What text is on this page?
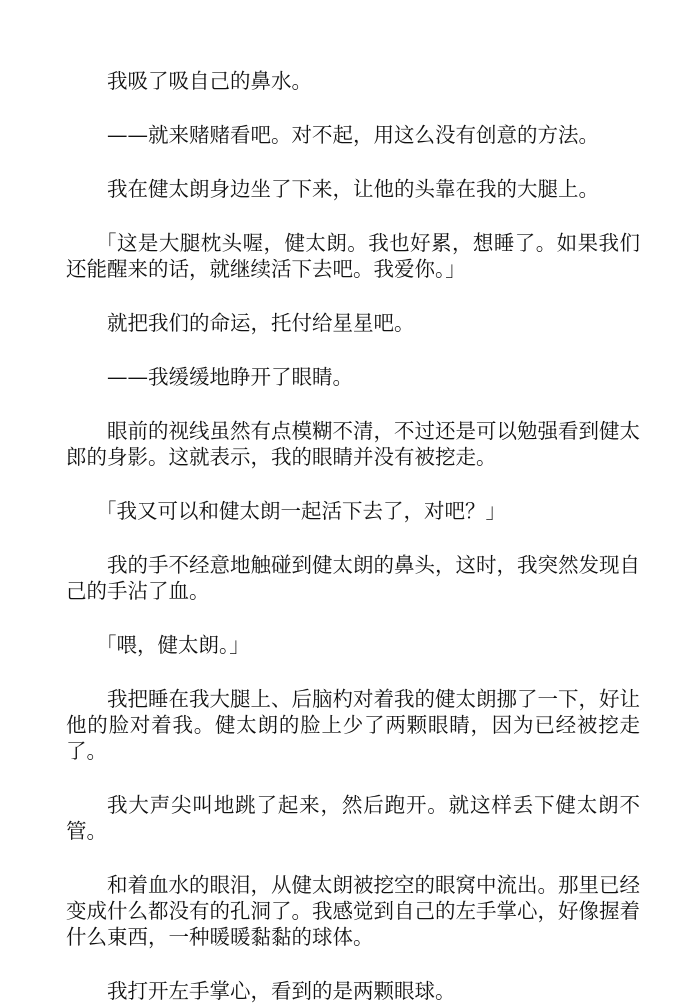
我吸了吸自己的鼻水。

——就来赌赌看吧。对不起，用这么没有创意的方法。

我在健太朗身边坐了下来，让他的头靠在我的大腿上。

「这是大腿枕头喔，健太朗。我也好累，想睡了。如果我们还能醒来的话，就继续活下去吧。我爱你。」

就把我们的命运，托付给星星吧。

——我缓缓地睁开了眼睛。

眼前的视线虽然有点模糊不清，不过还是可以勉强看到健太郎的身影。这就表示，我的眼睛并没有被挖走。

「我又可以和健太朗一起活下去了，对吧？」

我的手不经意地触碰到健太朗的鼻头，这时，我突然发现自己的手沾了血。

「喂，健太朗。」

我把睡在我大腿上、后脑杓对着我的健太朗挪了一下，好让他的脸对着我。健太朗的脸上少了两颗眼睛，因为已经被挖走了。

我大声尖叫地跳了起来，然后跑开。就这样丢下健太朗不管。

和着血水的眼泪，从健太朗被挖空的眼窝中流出。那里已经变成什么都没有的孔洞了。我感觉到自己的左手掌心，好像握着什么東西，一种暖暖黏黏的球体。

我打开左手掌心，看到的是两颗眼球。
